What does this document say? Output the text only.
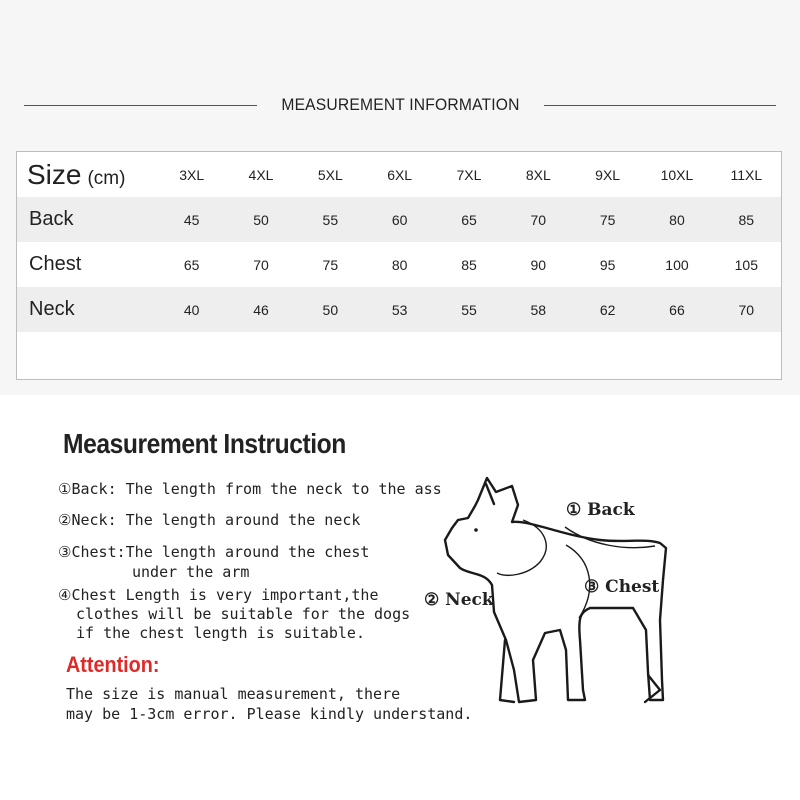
MEASUREMENT INFORMATION
Size (cm)	3XL	4XL	5XL	6XL	7XL	8XL	9XL	10XL	11XL
Back	45	50	55	60	65	70	75	80	85
Chest	65	70	75	80	85	90	95	100	105
Neck	40	46	50	53	55	58	62	66	70
Measurement Instruction
①Back: The length from the neck to the ass
②Neck: The length around the neck
③Chest:The length around the chest
under the arm
④Chest Length is very important,the
clothes will be suitable for the dogs
if the chest length is suitable.
Attention:
The size is manual measurement, there
may be 1-3cm error. Please kindly understand.
① Back
② Neck
③ Chest
